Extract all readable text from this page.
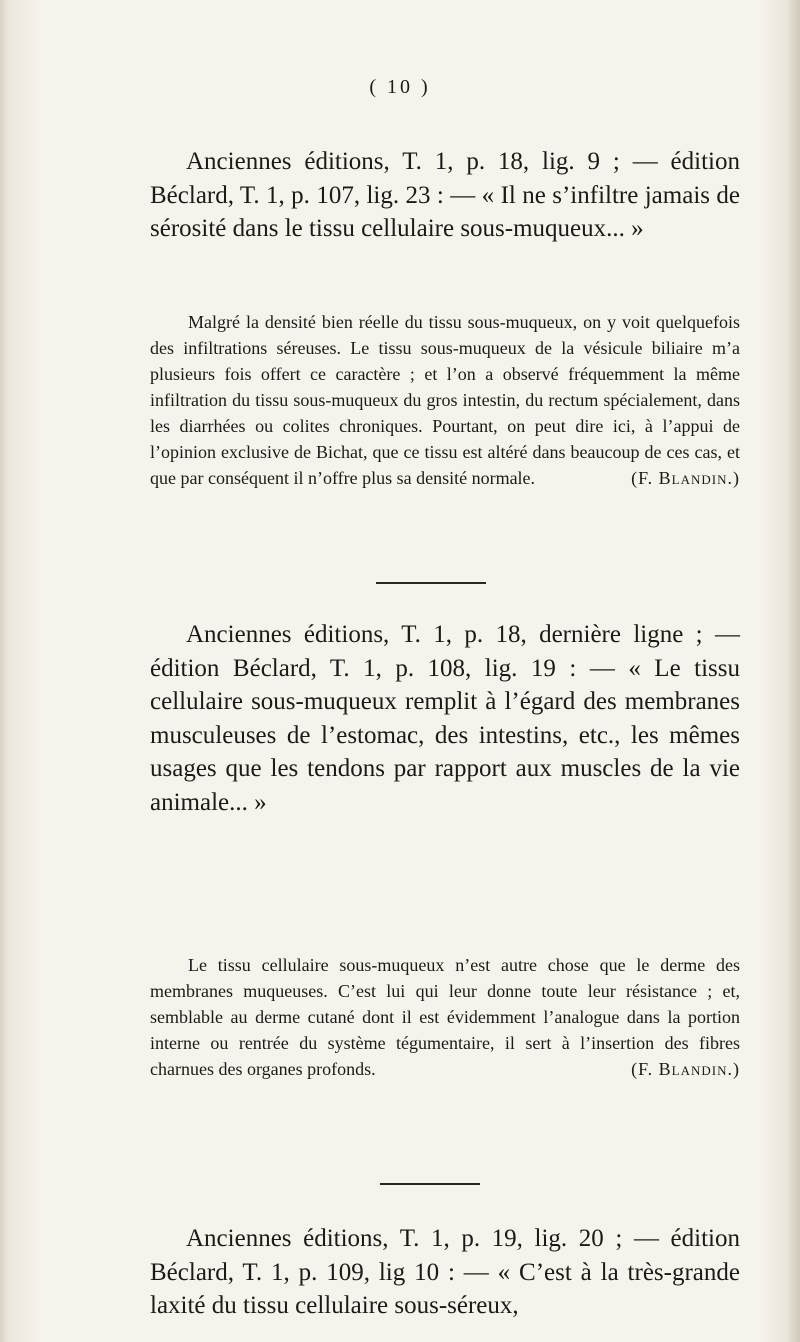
( 10 )
Anciennes éditions, T. 1, p. 18, lig. 9 ; — édition Béclard, T. 1, p. 107, lig. 23 : — « Il ne s’infiltre jamais de sérosité dans le tissu cellulaire sous-muqueux... »
Malgré la densité bien réelle du tissu sous-muqueux, on y voit quelquefois des infiltrations séreuses. Le tissu sous-muqueux de la vésicule biliaire m’a plusieurs fois offert ce caractère ; et l’on a observé fréquemment la même infiltration du tissu sous-muqueux du gros intestin, du rectum spécialement, dans les diarrhées ou colites chroniques. Pourtant, on peut dire ici, à l’appui de l’opinion exclusive de Bichat, que ce tissu est altéré dans beaucoup de ces cas, et que par conséquent il n’offre plus sa densité normale.	(F. Blandin.)
Anciennes éditions, T. 1, p. 18, dernière ligne ; — édition Béclard, T. 1, p. 108, lig. 19 : — « Le tissu cellulaire sous-muqueux remplit à l’égard des membranes musculeuses de l’estomac, des intestins, etc., les mêmes usages que les tendons par rapport aux muscles de la vie animale... »
Le tissu cellulaire sous-muqueux n’est autre chose que le derme des membranes muqueuses. C’est lui qui leur donne toute leur résistance ; et, semblable au derme cutané dont il est évidemment l’analogue dans la portion interne ou rentrée du système tégumentaire, il sert à l’insertion des fibres charnues des organes profonds.	(F. Blandin.)
Anciennes éditions, T. 1, p. 19, lig. 20 ; — édition Béclard, T. 1, p. 109, lig 10 : — « C’est à la très-grande laxité du tissu cellulaire sous-séreux,
